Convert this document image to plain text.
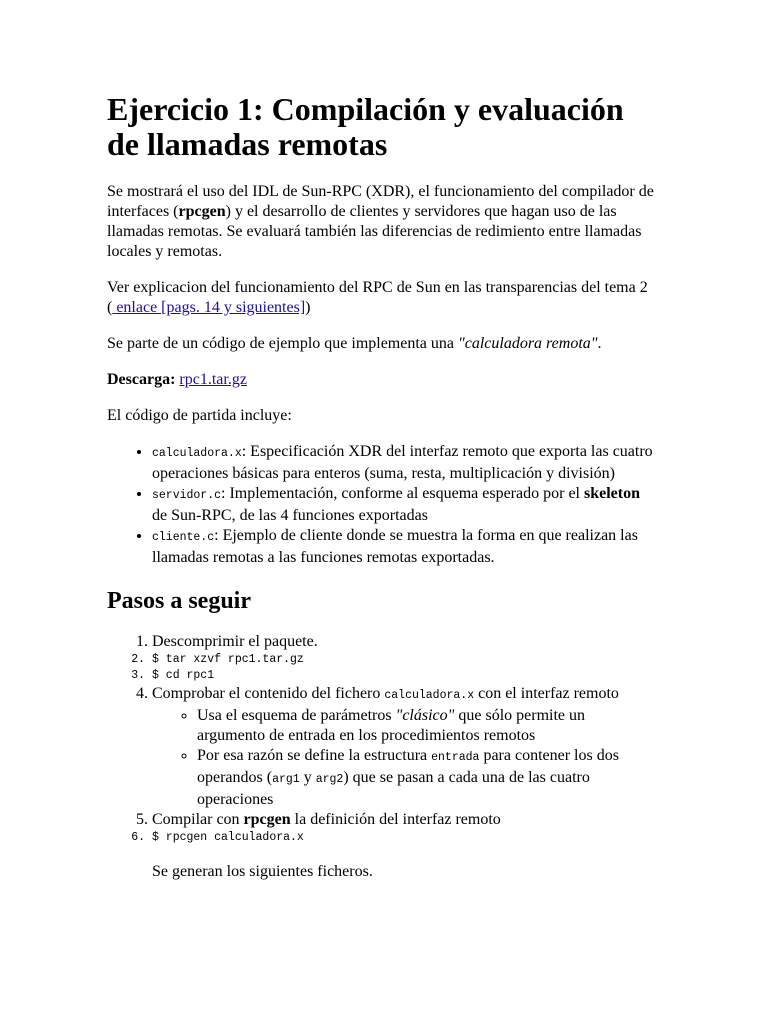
Ejercicio 1: Compilación y evaluación de llamadas remotas

Se mostrará el uso del IDL de Sun-RPC (XDR), el funcionamiento del compilador de interfaces (rpcgen) y el desarrollo de clientes y servidores que hagan uso de las llamadas remotas. Se evaluará también las diferencias de redimiento entre llamadas locales y remotas.

Ver explicacion del funcionamiento del RPC de Sun en las transparencias del tema 2 ( enlace [pags. 14 y siguientes])

Se parte de un código de ejemplo que implementa una "calculadora remota".

Descarga: rpc1.tar.gz

El código de partida incluye:

• calculadora.x: Especificación XDR del interfaz remoto que exporta las cuatro operaciones básicas para enteros (suma, resta, multiplicación y división)
• servidor.c: Implementación, conforme al esquema esperado por el skeleton de Sun-RPC, de las 4 funciones exportadas
• cliente.c: Ejemplo de cliente donde se muestra la forma en que realizan las llamadas remotas a las funciones remotas exportadas.
Pasos a seguir
1. Descomprimir el paquete.
2. $ tar xzvf rpc1.tar.gz
3. $ cd rpc1
4. Comprobar el contenido del fichero calculadora.x con el interfaz remoto
◦ Usa el esquema de parámetros "clásico" que sólo permite un argumento de entrada en los procedimientos remotos
◦ Por esa razón se define la estructura entrada para contener los dos operandos (arg1 y arg2) que se pasan a cada una de las cuatro operaciones
5. Compilar con rpcgen la definición del interfaz remoto
6. $ rpcgen calculadora.x

Se generan los siguientes ficheros.
